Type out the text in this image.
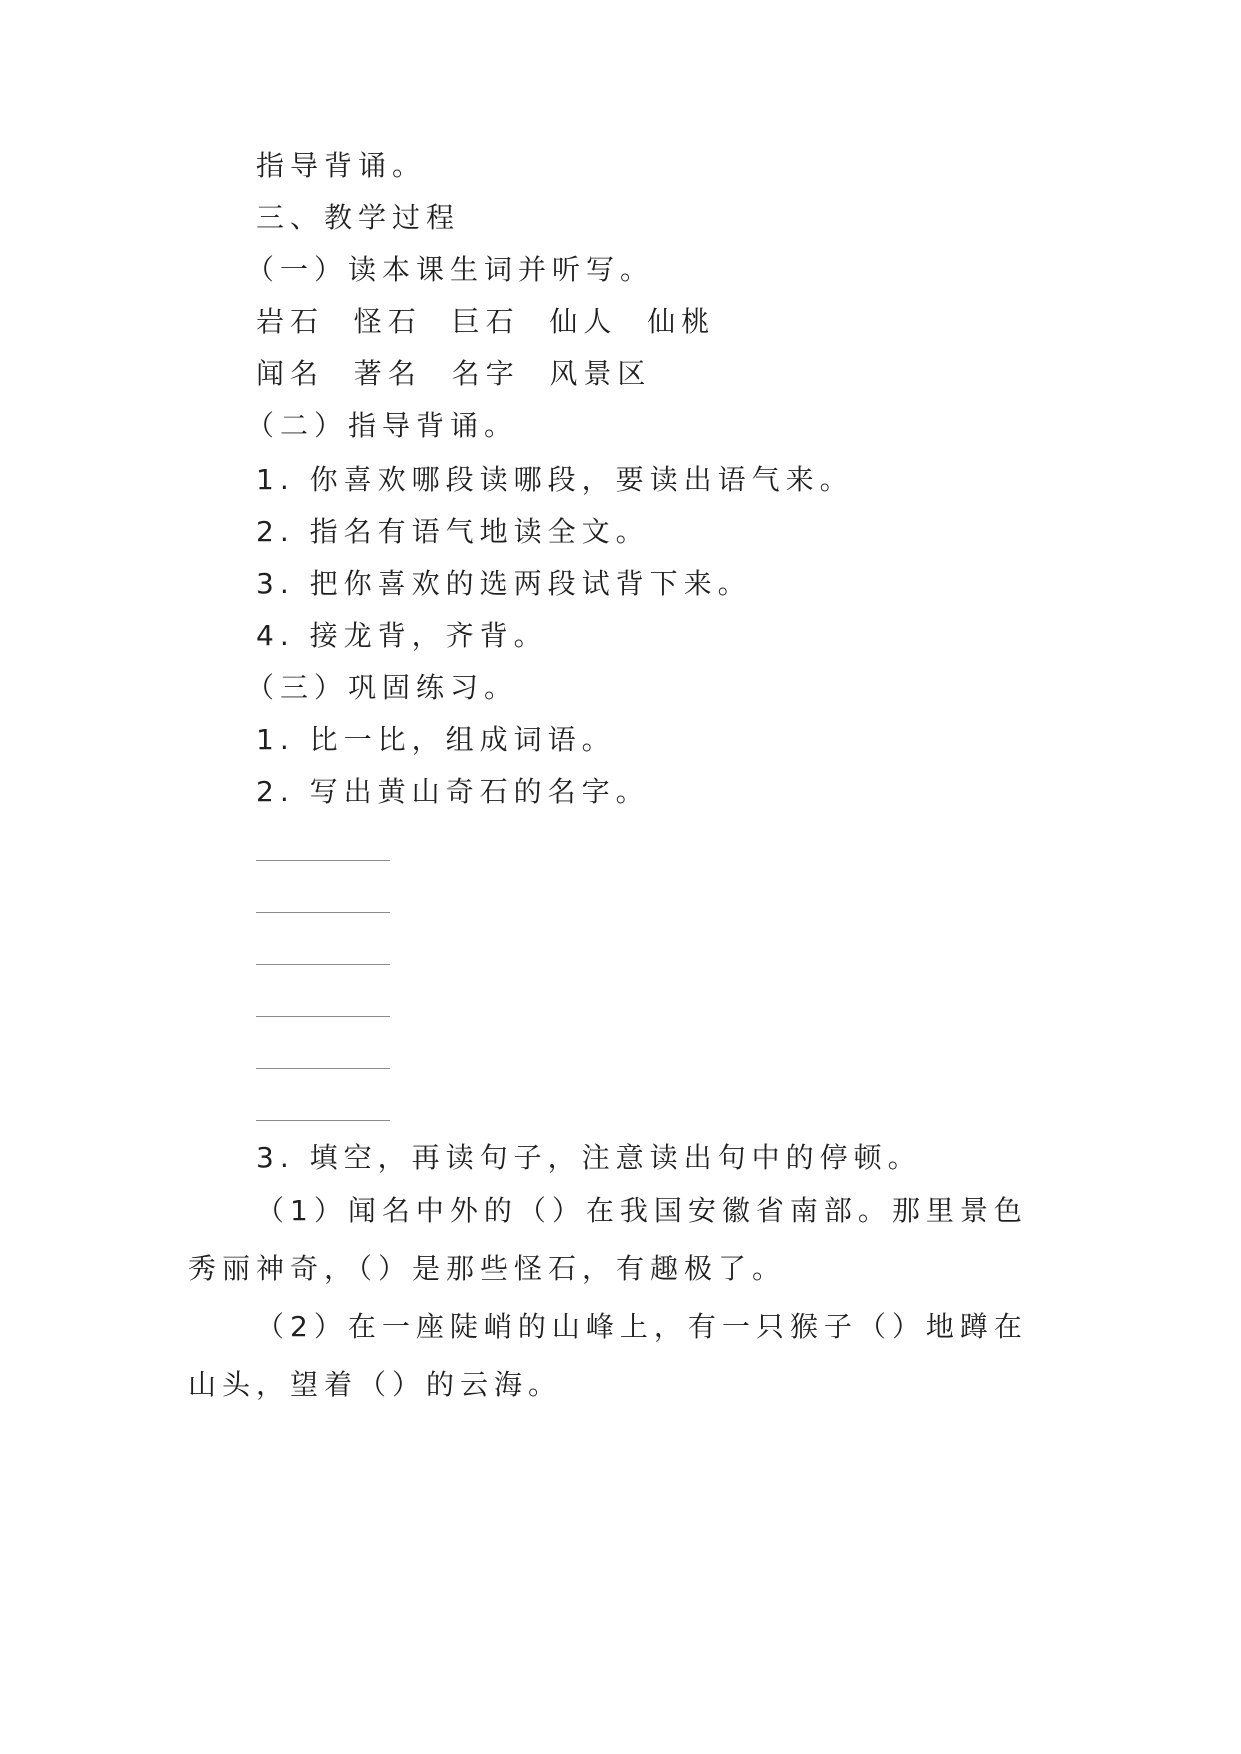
指导背诵。
三、教学过程
（一）读本课生词并听写。
岩石  怪石  巨石  仙人  仙桃
闻名  著名  名字  风景区
（二）指导背诵。
1. 你喜欢哪段读哪段，要读出语气来。
2. 指名有语气地读全文。
3. 把你喜欢的选两段试背下来。
4. 接龙背，齐背。
（三）巩固练习。
1. 比一比，组成词语。
2. 写出黄山奇石的名字。
3. 填空，再读句子，注意读出句中的停顿。

（1）闻名中外的（）在我国安徽省南部。那里景色秀丽神奇，（）是那些怪石，有趣极了。

（2）在一座陡峭的山峰上，有一只猴子（）地蹲在山头，望着（）的云海。
